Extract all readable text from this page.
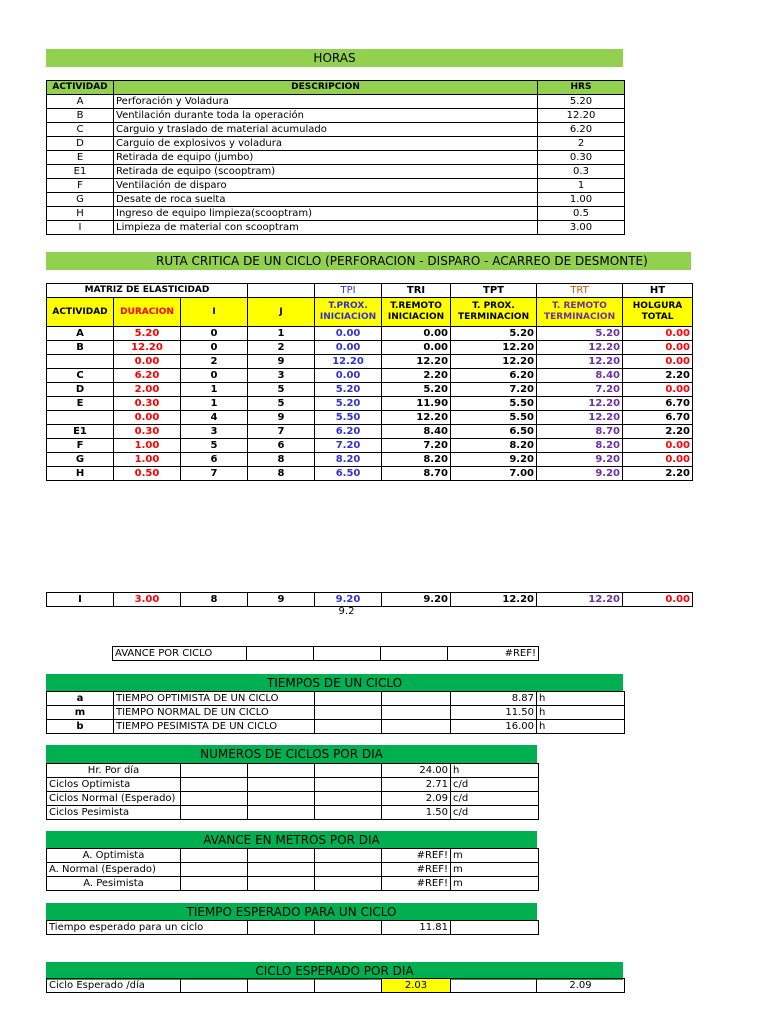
HORAS
ACTIVIDAD	DESCRIPCION	HRS
A	Perforación y Voladura	5.20
B	Ventilación durante toda la operación	12.20
C	Carguio y traslado de material acumulado	6.20
D	Carguio de explosivos y voladura	2
E	Retirada de equipo (jumbo)	0.30
E1	Retirada de equipo (scooptram)	0.3
F	Ventilación de disparo	1
G	Desate de roca suelta	1.00
H	Ingreso de equipo limpieza(scooptram)	0.5
I	Limpieza de material con scooptram	3.00
RUTA CRITICA DE UN CICLO (PERFORACION - DISPARO - ACARREO DE DESMONTE)
MATRIZ DE ELASTICIDAD				TPI	TRI	TPT	TRT	HT
ACTIVIDAD	DURACION	I	J	T.PROX. INICIACION	T.REMOTO INICIACION	T. PROX. TERMINACION	T. REMOTO TERMINACION	HOLGURA TOTAL
A	5.20	0	1	0.00	0.00	5.20	5.20	0.00
B	12.20	0	2	0.00	0.00	12.20	12.20	0.00
	0.00	2	9	12.20	12.20	12.20	12.20	0.00
C	6.20	0	3	0.00	2.20	6.20	8.40	2.20
D	2.00	1	5	5.20	5.20	7.20	7.20	0.00
E	0.30	1	5	5.20	11.90	5.50	12.20	6.70
	0.00	4	9	5.50	12.20	5.50	12.20	6.70
E1	0.30	3	7	6.20	8.40	6.50	8.70	2.20
F	1.00	5	6	7.20	7.20	8.20	8.20	0.00
G	1.00	6	8	8.20	8.20	9.20	9.20	0.00
H	0.50	7	8	6.50	8.70	7.00	9.20	2.20
I	3.00	8	9	9.20	9.20	12.20	12.20	0.00
9.2
AVANCE POR CICLO				#REF!
TIEMPOS DE UN CICLO
a	TIEMPO OPTIMISTA DE UN CICLO			8.87	h
m	TIEMPO NORMAL DE UN CICLO			11.50	h
b	TIEMPO PESIMISTA DE UN CICLO			16.00	h
NUMEROS DE CICLOS POR DIA
Hr. Por día				24.00	h
Ciclos Optimista				2.71	c/d
Ciclos Normal (Esperado)				2.09	c/d
Ciclos Pesimista				1.50	c/d
AVANCE EN METROS POR DIA
A. Optimista				#REF!	m
A. Normal (Esperado)				#REF!	m
A. Pesimista				#REF!	m
TIEMPO ESPERADO PARA UN CICLO
Tiempo esperado para un ciclo			11.81	
CICLO ESPERADO POR DIA
Ciclo Esperado /día				2.03		2.09
